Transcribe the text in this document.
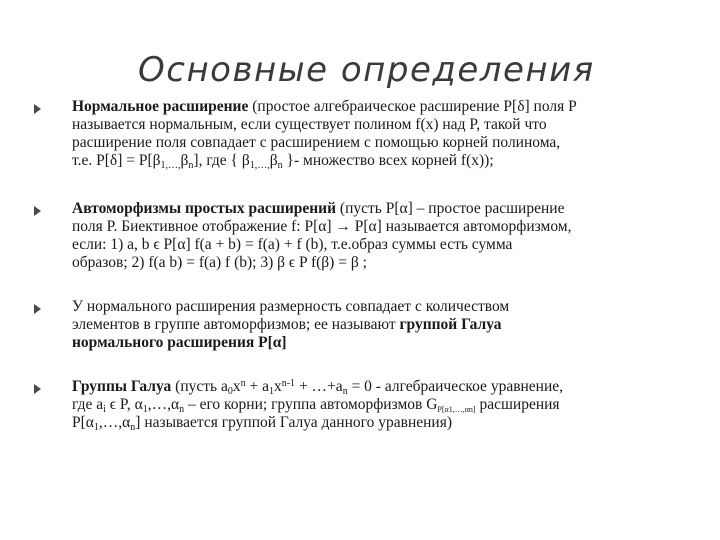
Основные определения
Нормальное расширение (простое алгебраическое расширение P[δ] поля P
называется нормальным, если существует полином f(x) над P, такой что
расширение поля совпадает с расширением с помощью корней полинома,
т.е. $P[\delta] = P[\beta_{1,\dots,}\beta_n]$, где { $\beta_{1,\dots,}\beta_n$ }- множество всех корней f(x));
Автоморфизмы простых расширений (пусть P[α] – простое расширение
поля P. Биективное отображение f: P[α] → P[α] называется автоморфизмом,
если: 1) a, b ϵ P[α] f(a + b) = f(a) + f (b), т.е.образ суммы есть сумма
образов; 2) f(a b) = f(a) f (b); 3) β ϵ P f(β) = β ;
У нормального расширения размерность совпадает с количеством
элементов в группе автоморфизмов; ее называют группой Галуа
нормального расширения P[α]
Группы Галуа (пусть $a_0x^n + a_1x^{n-1}$ + $\dots+a_n = 0$ - алгебраическое уравнение,
где $a_i$ ϵ P, $\alpha_1,\dots,\alpha_n$ – его корни; группа автоморфизмов $G_{P[\alpha 1,\dots,\alpha n]}$ расширения
$P[\alpha_1,\dots,\alpha_n]$ называется группой Галуа данного уравнения)
